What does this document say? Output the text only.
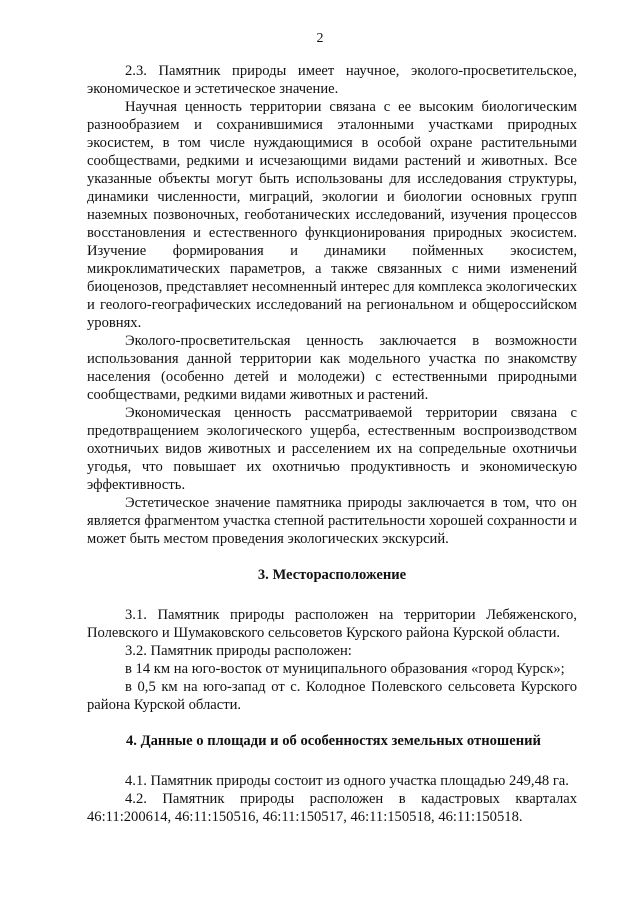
2

2.3. Памятник природы имеет научное, эколого-просветительское, экономическое и эстетическое значение.

Научная ценность территории связана с ее высоким биологическим разнообразием и сохранившимися эталонными участками природных экосистем, в том числе нуждающимися в особой охране растительными сообществами, редкими и исчезающими видами растений и животных. Все указанные объекты могут быть использованы для исследования структуры, динамики численности, миграций, экологии и биологии основных групп наземных позвоночных, геоботанических исследований, изучения процессов восстановления и естественного функционирования природных экосистем. Изучение формирования и динамики пойменных экосистем, микроклиматических параметров, а также связанных с ними изменений биоценозов, представляет несомненный интерес для комплекса экологических и геолого-географических исследований на региональном и общероссийском уровнях.

Эколого-просветительская ценность заключается в возможности использования данной территории как модельного участка по знакомству населения (особенно детей и молодежи) с естественными природными сообществами, редкими видами животных и растений.

Экономическая ценность рассматриваемой территории связана с предотвращением экологического ущерба, естественным воспроизводством охотничьих видов животных и расселением их на сопредельные охотничьи угодья, что повышает их охотничью продуктивность и экономическую эффективность.

Эстетическое значение памятника природы заключается в том, что он является фрагментом участка степной растительности хорошей сохранности и может быть местом проведения экологических экскурсий.

3. Месторасположение

3.1. Памятник природы расположен на территории Лебяженского, Полевского и Шумаковского сельсоветов Курского района Курской области.

3.2. Памятник природы расположен:

в 14 км на юго-восток от муниципального образования «город Курск»;

в 0,5 км на юго-запад от с. Колодное Полевского сельсовета Курского района Курской области.

4. Данные о площади и об особенностях земельных отношений

4.1. Памятник природы состоит из одного участка площадью 249,48 га.

4.2. Памятник природы расположен в кадастровых кварталах 46:11:200614, 46:11:150516, 46:11:150517, 46:11:150518, 46:11:150518.
